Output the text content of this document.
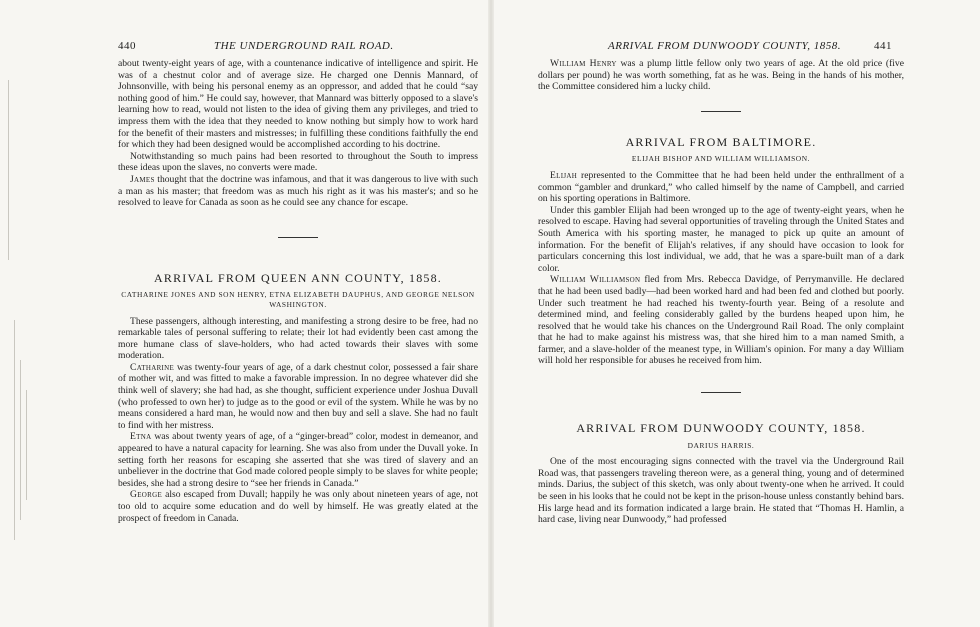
440	THE UNDERGROUND RAIL ROAD.

about twenty-eight years of age, with a countenance indicative of intelligence and spirit. He was of a chestnut color and of average size. He charged one Dennis Mannard, of Johnsonville, with being his personal enemy as an oppressor, and added that he could “say nothing good of him.” He could say, however, that Mannard was bitterly opposed to a slave's learning how to read, would not listen to the idea of giving them any privileges, and tried to impress them with the idea that they needed to know nothing but simply how to work hard for the benefit of their masters and mistresses; in fulfilling these conditions faithfully the end for which they had been designed would be accomplished according to his doctrine.

Notwithstanding so much pains had been resorted to throughout the South to impress these ideas upon the slaves, no converts were made.

James thought that the doctrine was infamous, and that it was dangerous to live with such a man as his master; that freedom was as much his right as it was his master's; and so he resolved to leave for Canada as soon as he could see any chance for escape.

ARRIVAL FROM QUEEN ANN COUNTY, 1858.
CATHARINE JONES AND SON HENRY, ETNA ELIZABETH DAUPHUS, AND GEORGE NELSON WASHINGTON.

These passengers, although interesting, and manifesting a strong desire to be free, had no remarkable tales of personal suffering to relate; their lot had evidently been cast among the more humane class of slave-holders, who had acted towards their slaves with some moderation.

Catharine was twenty-four years of age, of a dark chestnut color, possessed a fair share of mother wit, and was fitted to make a favorable impression. In no degree whatever did she think well of slavery; she had had, as she thought, sufficient experience under Joshua Duvall (who professed to own her) to judge as to the good or evil of the system. While he was by no means considered a hard man, he would now and then buy and sell a slave. She had no fault to find with her mistress.

Etna was about twenty years of age, of a “ginger-bread” color, modest in demeanor, and appeared to have a natural capacity for learning. She was also from under the Duvall yoke. In setting forth her reasons for escaping she asserted that she was tired of slavery and an unbeliever in the doctrine that God made colored people simply to be slaves for white people; besides, she had a strong desire to “see her friends in Canada.”

George also escaped from Duvall; happily he was only about nineteen years of age, not too old to acquire some education and do well by himself. He was greatly elated at the prospect of freedom in Canada.

ARRIVAL FROM DUNWOODY COUNTY, 1858.	441

William Henry was a plump little fellow only two years of age. At the old price (five dollars per pound) he was worth something, fat as he was. Being in the hands of his mother, the Committee considered him a lucky child.

ARRIVAL FROM BALTIMORE.
ELIJAH BISHOP AND WILLIAM WILLIAMSON.

Elijah represented to the Committee that he had been held under the enthrallment of a common “gambler and drunkard,” who called himself by the name of Campbell, and carried on his sporting operations in Baltimore.

Under this gambler Elijah had been wronged up to the age of twenty-eight years, when he resolved to escape. Having had several opportunities of traveling through the United States and South America with his sporting master, he managed to pick up quite an amount of information. For the benefit of Elijah's relatives, if any should have occasion to look for particulars concerning this lost individual, we add, that he was a spare-built man of a dark color.

William Williamson fled from Mrs. Rebecca Davidge, of Perrymanville. He declared that he had been used badly—had been worked hard and had been fed and clothed but poorly. Under such treatment he had reached his twenty-fourth year. Being of a resolute and determined mind, and feeling considerably galled by the burdens heaped upon him, he resolved that he would take his chances on the Underground Rail Road. The only complaint that he had to make against his mistress was, that she hired him to a man named Smith, a farmer, and a slave-holder of the meanest type, in William's opinion. For many a day William will hold her responsible for abuses he received from him.

ARRIVAL FROM DUNWOODY COUNTY, 1858.
DARIUS HARRIS.

One of the most encouraging signs connected with the travel via the Underground Rail Road was, that passengers traveling thereon were, as a general thing, young and of determined minds. Darius, the subject of this sketch, was only about twenty-one when he arrived. It could be seen in his looks that he could not be kept in the prison-house unless constantly behind bars. His large head and its formation indicated a large brain. He stated that “Thomas H. Hamlin, a hard case, living near Dunwoody,” had professed
